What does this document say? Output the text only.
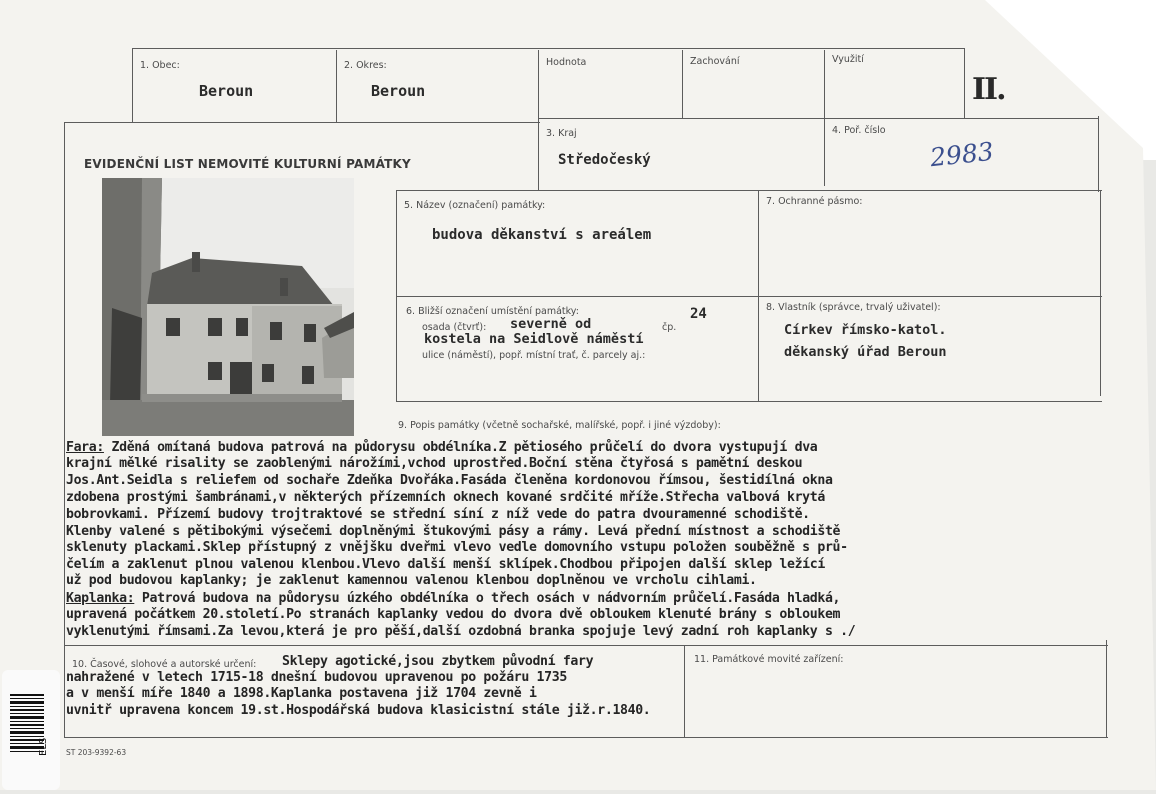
1. Obec:
Beroun
2. Okres:
Beroun
Hodnota	Zachování	Využití
II.
3. Kraj
Středočeský
4. Poř. číslo
2983
EVIDENČNÍ LIST NEMOVITÉ KULTURNÍ PAMÁTKY
5. Název (označení) památky:
budova děkanství s areálem
7. Ochranné pásmo:
6. Bližší označení umístění památky:
osada (čtvrť): severně od
24
čp.
kostela na Seidlově náměstí
ulice (náměstí), popř. místní trať, č. parcely aj.:
8. Vlastník (správce, trvalý uživatel):
Církev římsko-katol.
děkanský úřad Beroun
9. Popis památky (včetně sochařské, malířské, popř. i jiné výzdoby):
Fara: Zděná omítaná budova patrová na půdorysu obdélníka.Z pětiosého průčelí do dvora vystupují dva
krajní mělké risality se zaoblenými nárožími,vchod uprostřed.Boční stěna čtyřosá s pamětní deskou
Jos.Ant.Seidla s reliefem od sochaře Zdeňka Dvořáka.Fasáda členěna kordonovou římsou, šestidílná okna
zdobena prostými šambránami,v některých přízemních oknech kované srdčité mříže.Střecha valbová krytá
bobrovkami. Přízemí budovy trojtraktové se střední síní z níž vede do patra dvouramenné schodiště.
Klenby valené s pětibokými výsečemi doplněnými štukovými pásy a rámy. Levá přední místnost a schodiště
sklenuty plackami.Sklep přístupný z vnějšku dveřmi vlevo vedle domovního vstupu položen souběžně s prů-
čelím a zaklenut plnou valenou klenbou.Vlevo další menší sklípek.Chodbou připojen další sklep ležící
už pod budovou kaplanky; je zaklenut kamennou valenou klenbou doplněnou ve vrcholu cihlami.
Kaplanka: Patrová budova na půdorysu úzkého obdélníka o třech osách v nádvorním průčelí.Fasáda hladká,
upravená počátkem 20.století.Po stranách kaplanky vedou do dvora dvě obloukem klenuté brány s obloukem
vyklenutými římsami.Za levou,která je pro pěší,další ozdobná branka spojuje levý zadní roh kaplanky s ./
10. Časové, slohové a autorské určení: Sklepy agotické,jsou zbytkem původní fary
nahražené v letech 1715-18 dnešní budovou upravenou po požáru 1735
a v menší míře 1840 a 1898.Kaplanka postavena již 1704 zevně i
uvnitř upravena koncem 19.st.Hospodářská budova klasicistní stále již.r.1840.
11. Památkové movité zařízení:
ST 203-9392-63
ELS
